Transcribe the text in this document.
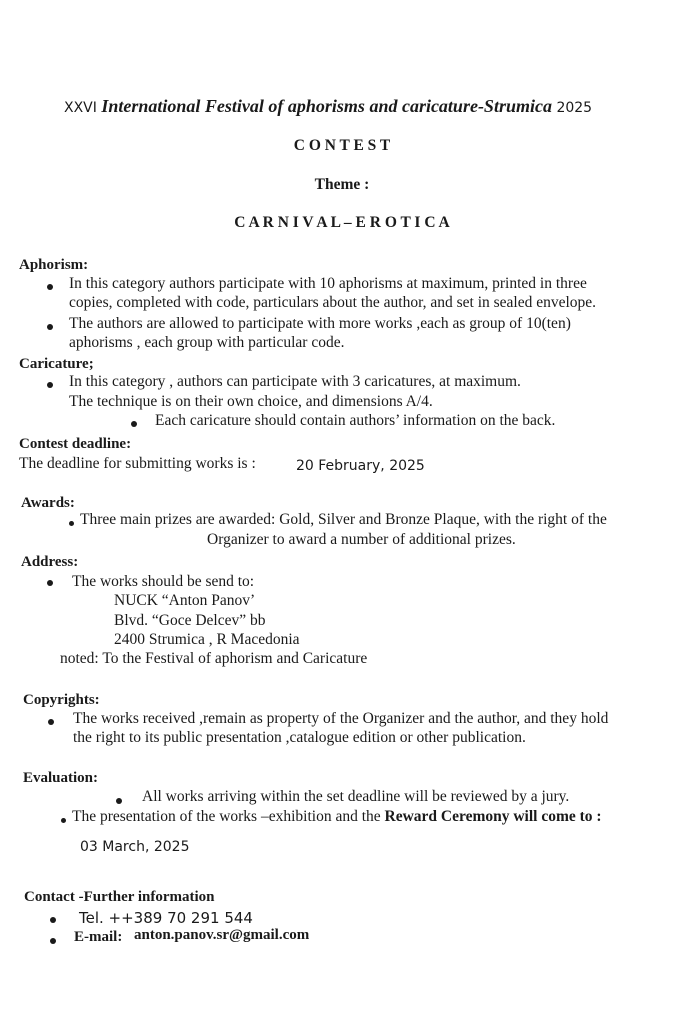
XXVI International Festival of aphorisms and caricature-Strumica 2025
C O N T E S T
Theme :
C A R N I V A L – E R O T I C A
Aphorism:
In this category authors participate with 10 aphorisms at maximum, printed in three
copies, completed with code, particulars about the author, and set in sealed envelope.
The authors are allowed to participate with more works ,each as group of 10(ten)
aphorisms , each group with particular code.
Caricature;
In this category , authors can participate with 3 caricatures, at maximum.
The technique is on their own choice, and dimensions A/4.
Each caricature should contain authors’ information on the back.
Contest deadline:
The deadline for submitting works is :	20 February, 2025
Awards:
Three main prizes are awarded: Gold, Silver and Bronze Plaque, with the right of the
Organizer to award a number of additional prizes.
Address:
The works should be send to:
NUCK “Anton Panov’
Blvd. “Goce Delcev” bb
2400 Strumica , R Macedonia
noted: To the Festival of aphorism and Caricature
Copyrights:
The works received ,remain as property of the Organizer and the author, and they hold
the right to its public presentation ,catalogue edition or other publication.
Evaluation:
All works arriving within the set deadline will be reviewed by a jury.
The presentation of the works –exhibition and the Reward Ceremony will come to :
03 March, 2025
Contact -Further information
Tel. ++389 70 291 544
E-mail: anton.panov.sr@gmail.com
